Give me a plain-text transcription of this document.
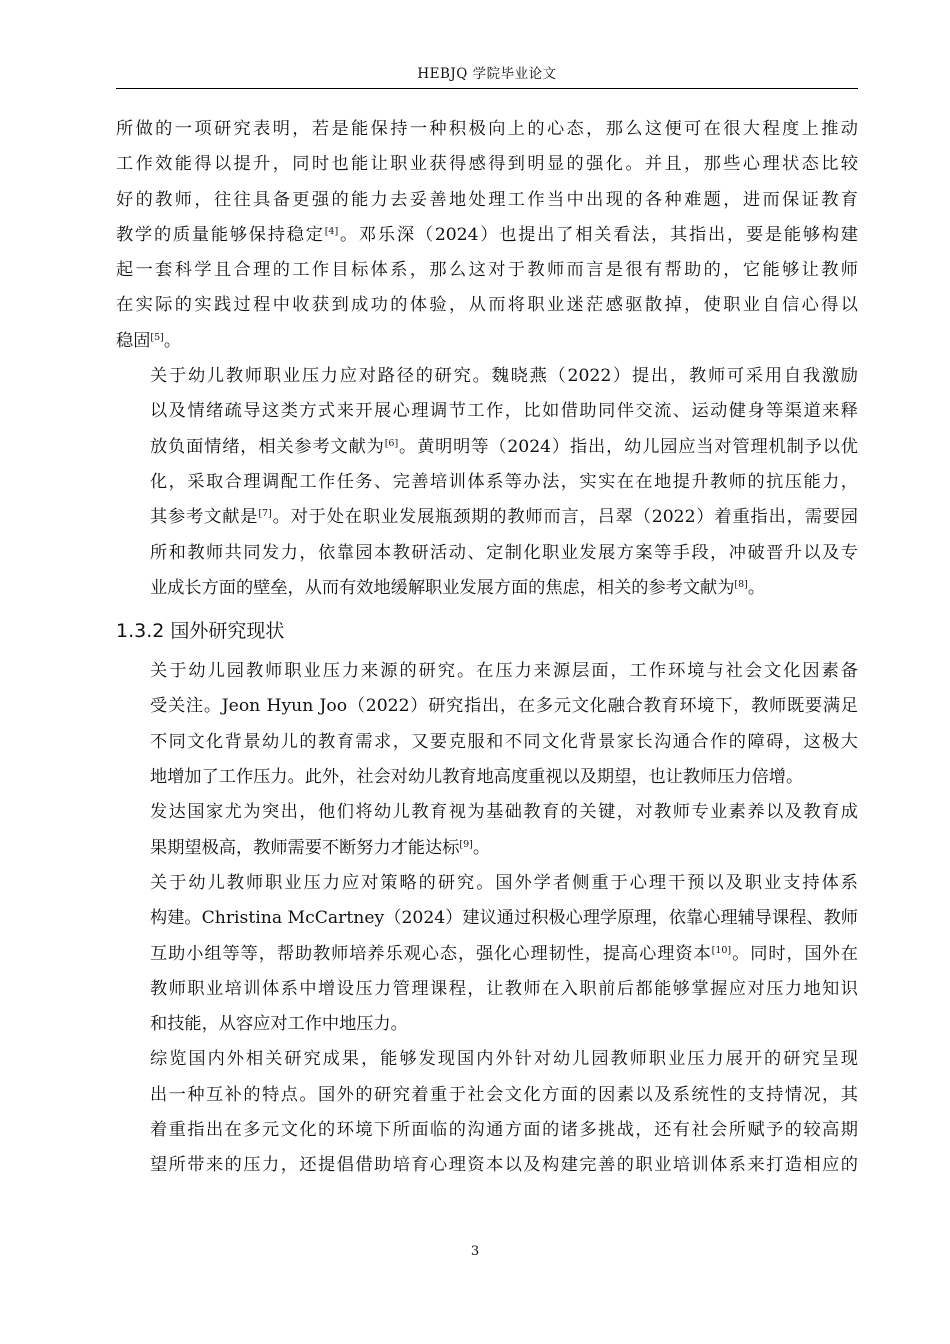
HEBJQ 学院毕业论文

所做的一项研究表明，若是能保持一种积极向上的心态，那么这便可在很大程度上推动
工作效能得以提升，同时也能让职业获得感得到明显的强化。并且，那些心理状态比较
好的教师，往往具备更强的能力去妥善地处理工作当中出现的各种难题，进而保证教育
教学的质量能够保持稳定[4]。邓乐深（2024）也提出了相关看法，其指出，要是能够构建
起一套科学且合理的工作目标体系，那么这对于教师而言是很有帮助的，它能够让教师
在实际的实践过程中收获到成功的体验，从而将职业迷茫感驱散掉，使职业自信心得以
稳固[5]。

关于幼儿教师职业压力应对路径的研究。魏晓燕（2022）提出，教师可采用自我激励
以及情绪疏导这类方式来开展心理调节工作，比如借助同伴交流、运动健身等渠道来释
放负面情绪，相关参考文献为[6]。黄明明等（2024）指出，幼儿园应当对管理机制予以优
化，采取合理调配工作任务、完善培训体系等办法，实实在在地提升教师的抗压能力，
其参考文献是[7]。对于处在职业发展瓶颈期的教师而言，吕翠（2022）着重指出，需要园
所和教师共同发力，依靠园本教研活动、定制化职业发展方案等手段，冲破晋升以及专
业成长方面的壁垒，从而有效地缓解职业发展方面的焦虑，相关的参考文献为[8]。

1.3.2 国外研究现状

关于幼儿园教师职业压力来源的研究。在压力来源层面，工作环境与社会文化因素备
受关注。Jeon Hyun Joo（2022）研究指出，在多元文化融合教育环境下，教师既要满足
不同文化背景幼儿的教育需求，又要克服和不同文化背景家长沟通合作的障碍，这极大
地增加了工作压力。此外，社会对幼儿教育地高度重视以及期望，也让教师压力倍增。
发达国家尤为突出，他们将幼儿教育视为基础教育的关键，对教师专业素养以及教育成
果期望极高，教师需要不断努力才能达标[9]。

关于幼儿教师职业压力应对策略的研究。国外学者侧重于心理干预以及职业支持体系
构建。Christina McCartney（2024）建议通过积极心理学原理，依靠心理辅导课程、教师
互助小组等等，帮助教师培养乐观心态，强化心理韧性，提高心理资本[10]。同时，国外在
教师职业培训体系中增设压力管理课程，让教师在入职前后都能够掌握应对压力地知识
和技能，从容应对工作中地压力。

综览国内外相关研究成果，能够发现国内外针对幼儿园教师职业压力展开的研究呈现
出一种互补的特点。国外的研究着重于社会文化方面的因素以及系统性的支持情况，其
着重指出在多元文化的环境下所面临的沟通方面的诸多挑战，还有社会所赋予的较高期
望所带来的压力，还提倡借助培育心理资本以及构建完善的职业培训体系来打造相应的

3
